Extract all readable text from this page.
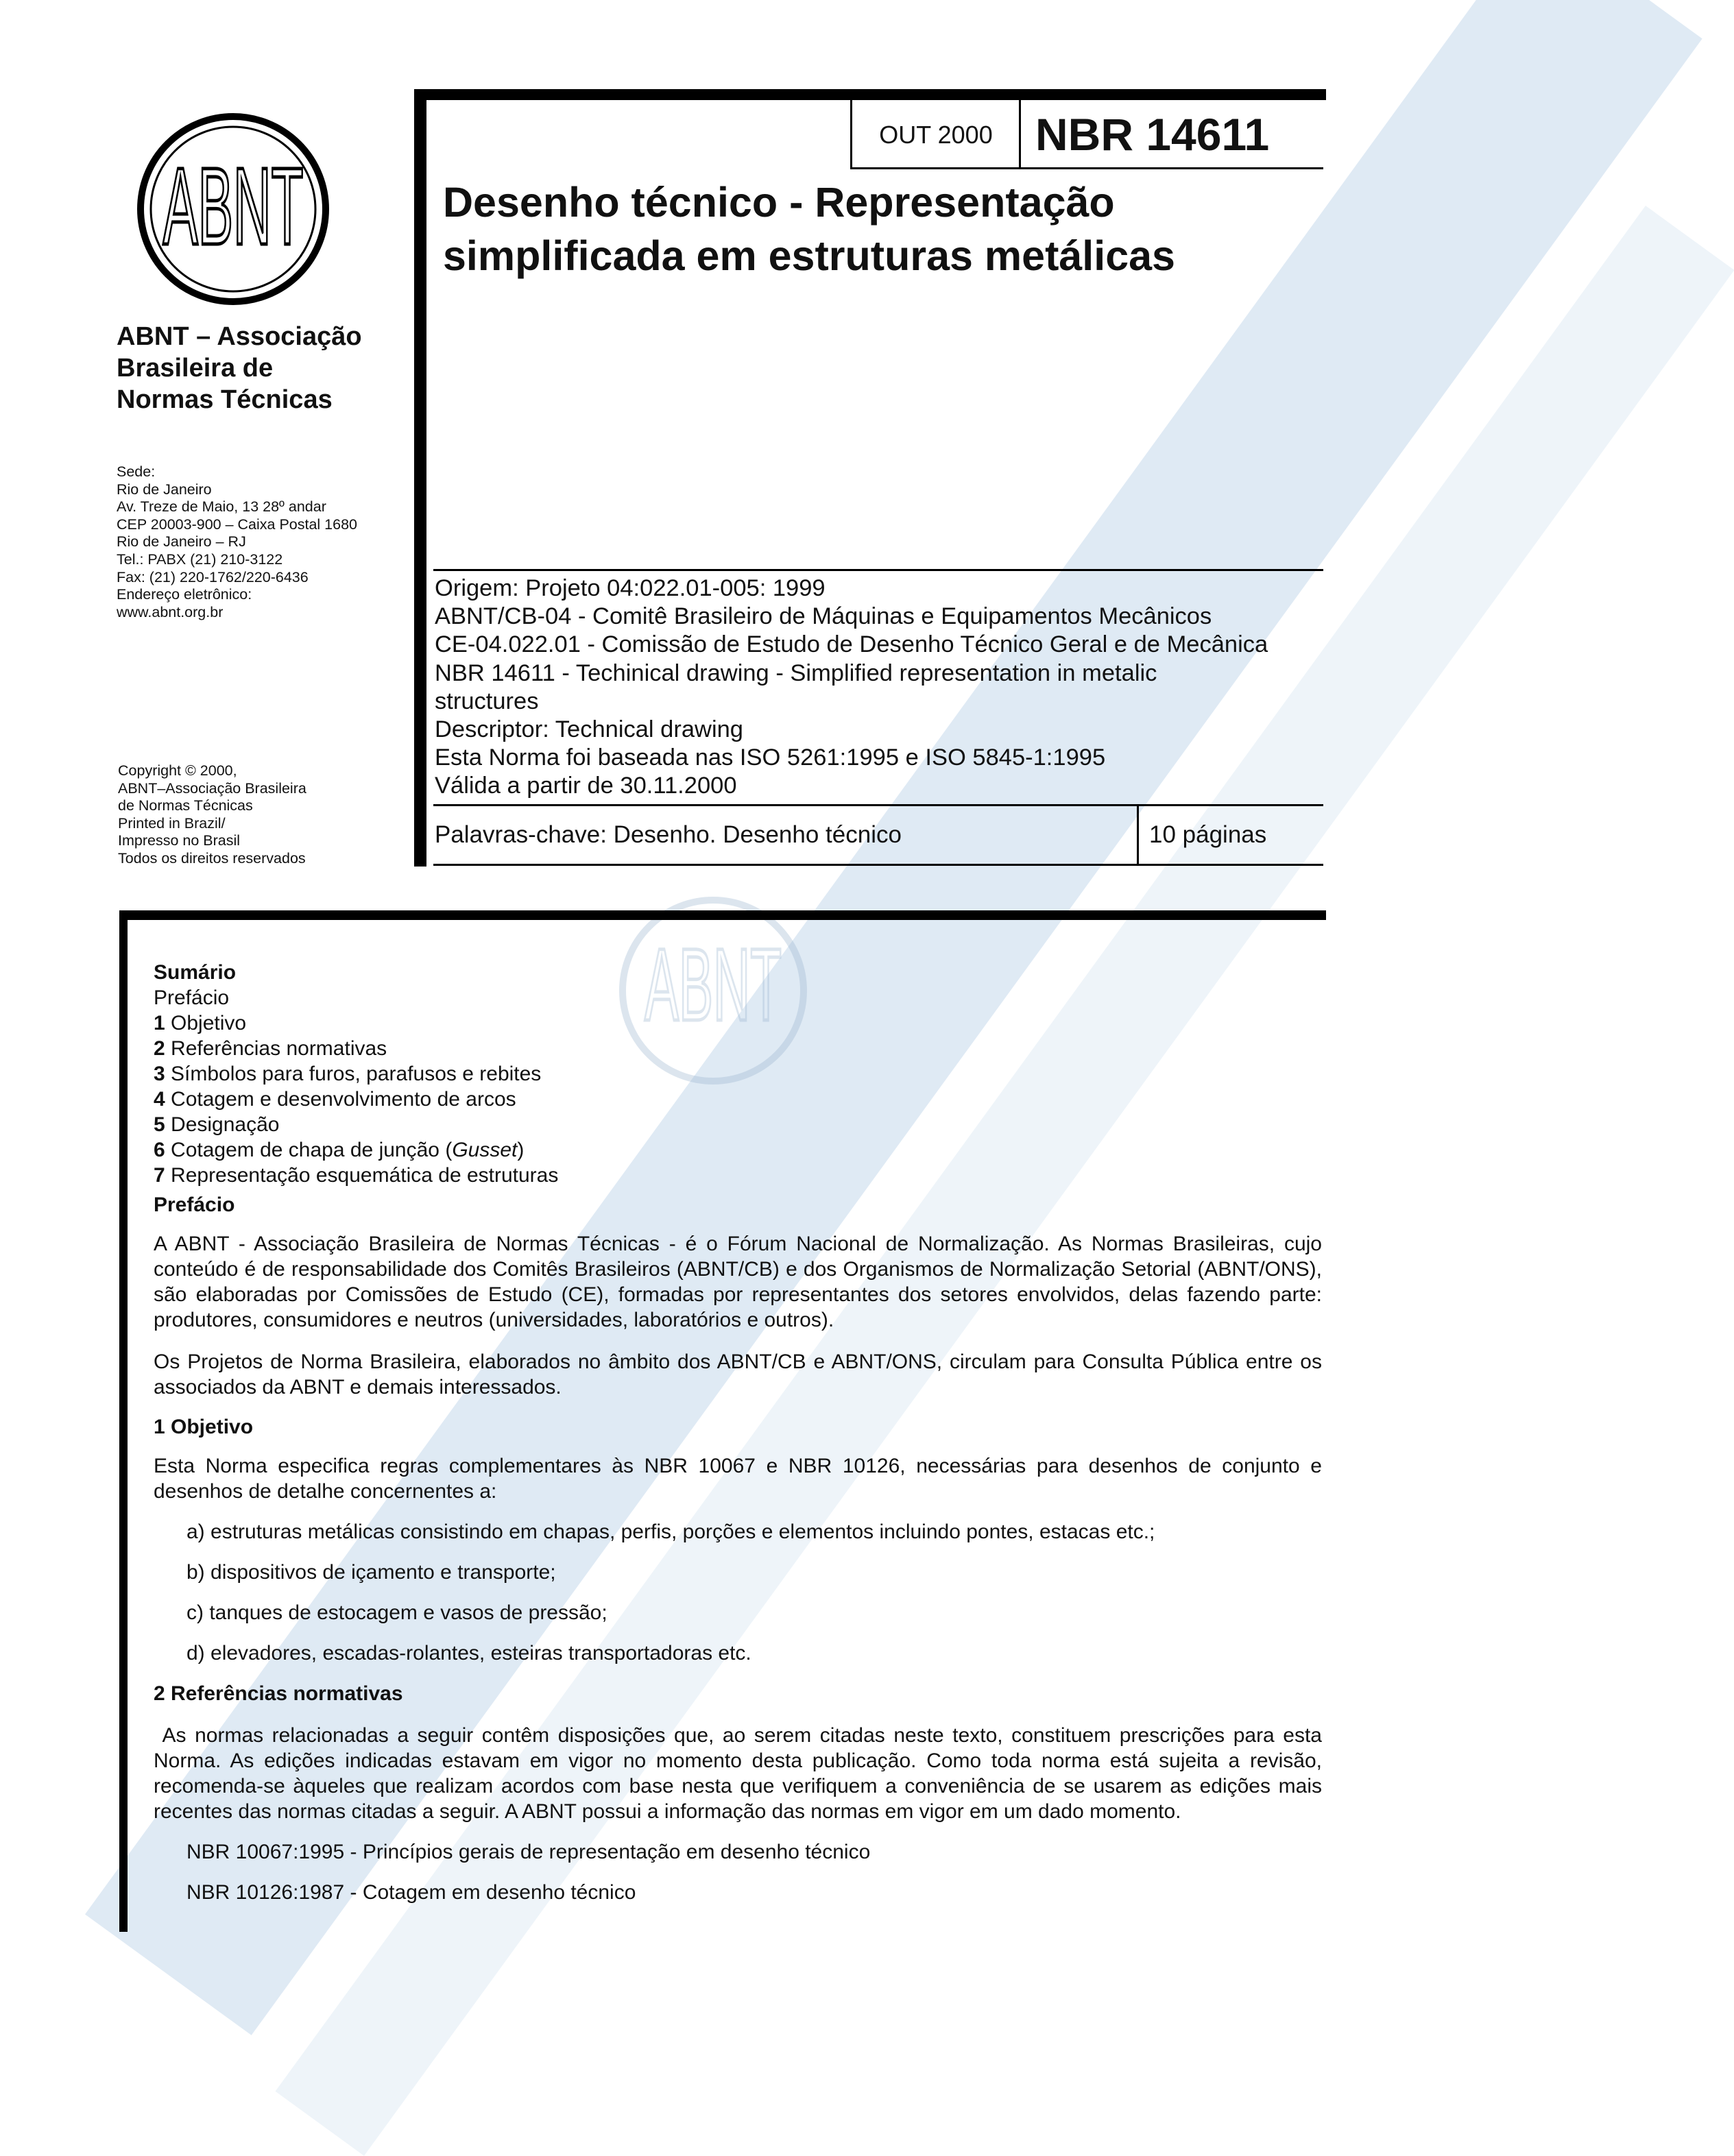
ABNT
ABNT
ABNT – Associação
Brasileira de
Normas Técnicas
Sede:
Rio de Janeiro
Av. Treze de Maio, 13 28º andar
CEP 20003-900 – Caixa Postal 1680
Rio de Janeiro – RJ
Tel.: PABX (21) 210-3122
Fax: (21) 220-1762/220-6436
Endereço eletrônico:
www.abnt.org.br
Copyright © 2000,
ABNT–Associação Brasileira
de Normas Técnicas
Printed in Brazil/
Impresso no Brasil
Todos os direitos reservados
OUT 2000 NBR 14611
Desenho técnico - Representação
simplificada em estruturas metálicas
Origem: Projeto 04:022.01-005: 1999
ABNT/CB-04 - Comitê Brasileiro de Máquinas e Equipamentos Mecânicos
CE-04.022.01 - Comissão de Estudo de Desenho Técnico Geral e de Mecânica
NBR 14611 - Techinical drawing - Simplified representation in metalic
structures
Descriptor: Technical drawing
Esta Norma foi baseada nas ISO 5261:1995 e ISO 5845-1:1995
Válida a partir de 30.11.2000
Palavras-chave: Desenho. Desenho técnico	10 páginas
Sumário
Prefácio
1 Objetivo
2 Referências normativas
3 Símbolos para furos, parafusos e rebites
4 Cotagem e desenvolvimento de arcos
5 Designação
6 Cotagem de chapa de junção (Gusset)
7 Representação esquemática de estruturas
Prefácio

A ABNT - Associação Brasileira de Normas Técnicas - é o Fórum Nacional de Normalização. As Normas Brasileiras, cujo conteúdo é de responsabilidade dos Comitês Brasileiros (ABNT/CB) e dos Organismos de Normalização Setorial (ABNT/ONS), são elaboradas por Comissões de Estudo (CE), formadas por representantes dos setores envolvidos, delas fazendo parte: produtores, consumidores e neutros (universidades, laboratórios e outros).

Os Projetos de Norma Brasileira, elaborados no âmbito dos ABNT/CB e ABNT/ONS, circulam para Consulta Pública entre os associados da ABNT e demais interessados.

1 Objetivo

Esta Norma especifica regras complementares às NBR 10067 e NBR 10126, necessárias para desenhos de conjunto e desenhos de detalhe concernentes a:

a) estruturas metálicas consistindo em chapas, perfis, porções e elementos incluindo pontes, estacas etc.;
b) dispositivos de içamento e transporte;
c) tanques de estocagem e vasos de pressão;
d) elevadores, escadas-rolantes, esteiras transportadoras etc.
2 Referências normativas

As normas relacionadas a seguir contêm disposições que, ao serem citadas neste texto, constituem prescrições para esta Norma. As edições indicadas estavam em vigor no momento desta publicação. Como toda norma está sujeita a revisão, recomenda-se àqueles que realizam acordos com base nesta que verifiquem a conveniência de se usarem as edições mais recentes das normas citadas a seguir. A ABNT possui a informação das normas em vigor em um dado momento.

NBR 10067:1995 - Princípios gerais de representação em desenho técnico
NBR 10126:1987 - Cotagem em desenho técnico
